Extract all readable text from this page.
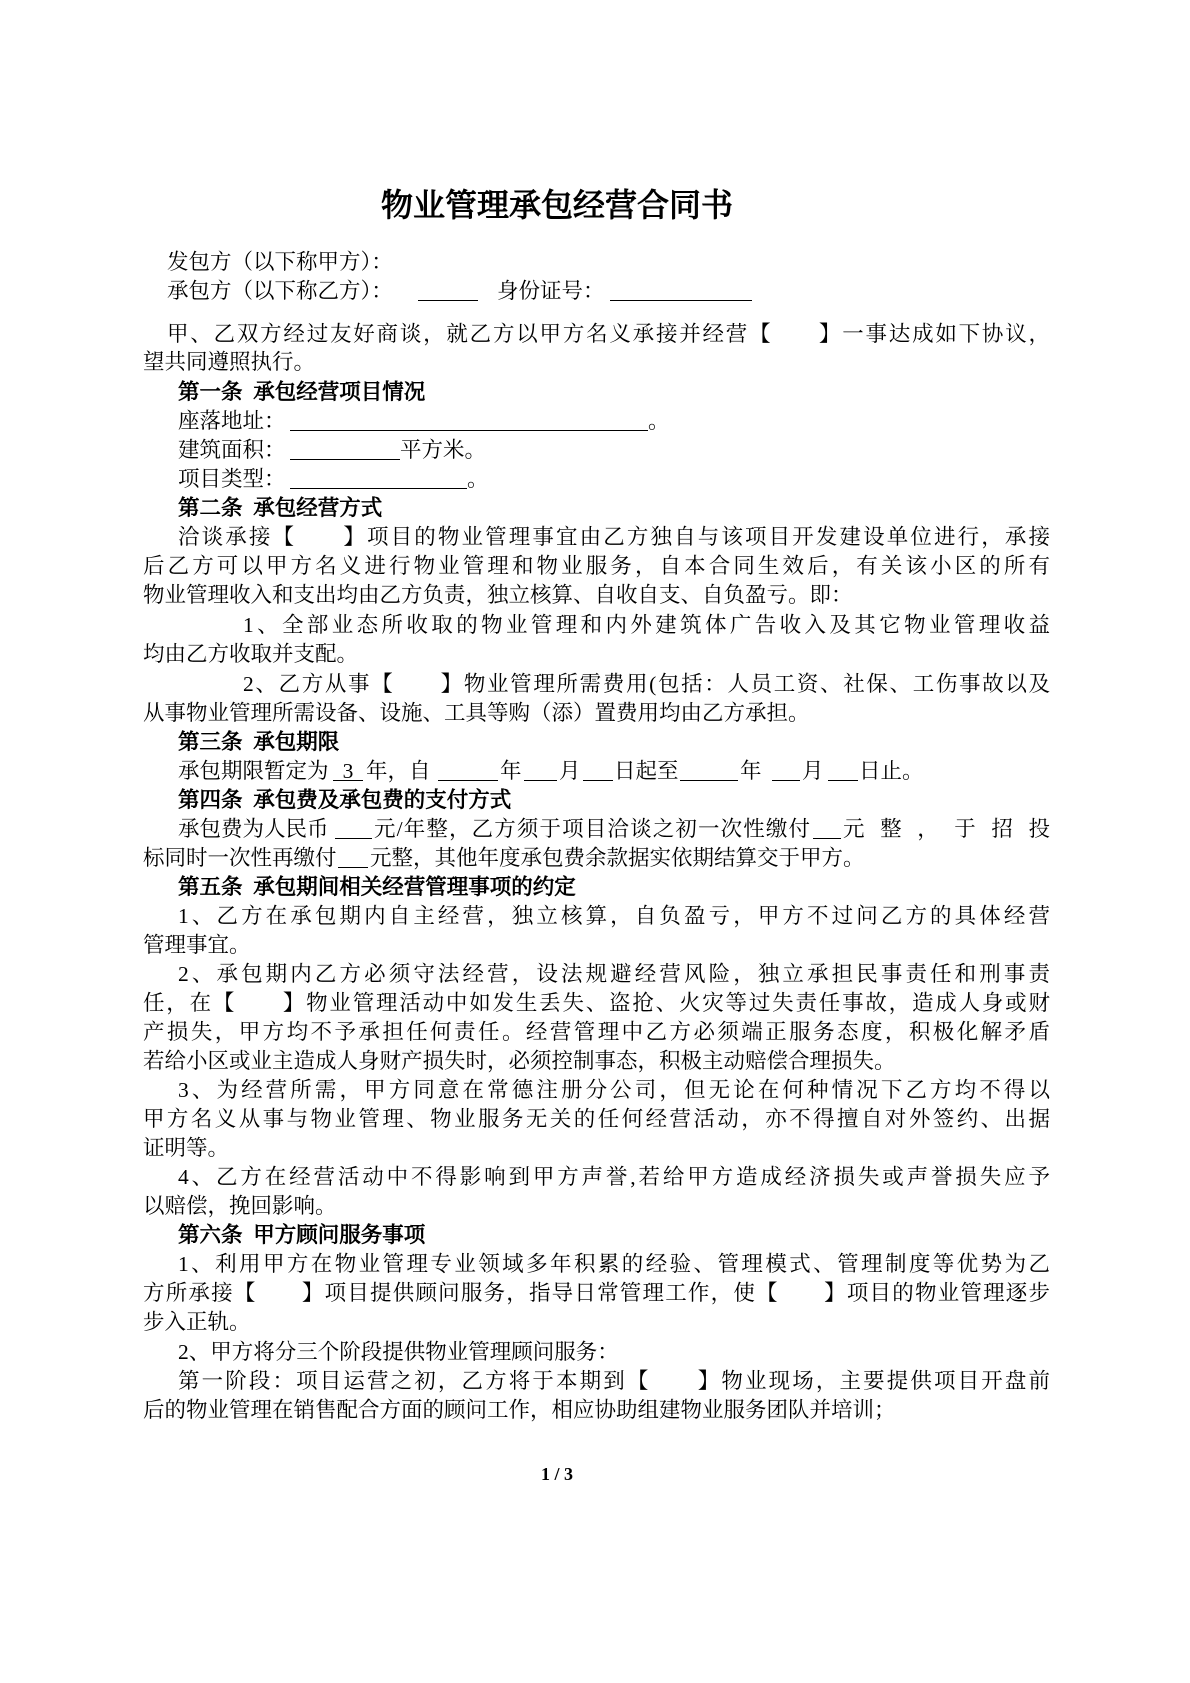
物业管理承包经营合同书
发包方（以下称甲方）：
承包方（以下称乙方）：	身份证号：
甲、乙双方经过友好商谈，就乙方以甲方名义承接并经营【　　】一事达成如下协议，
望共同遵照执行。
第一条  承包经营项目情况
座落地址：	。
建筑面积：	平方米。
项目类型：	。
第二条  承包经营方式
洽谈承接【　　】项目的物业管理事宜由乙方独自与该项目开发建设单位进行，承接
后乙方可以甲方名义进行物业管理和物业服务，自本合同生效后，有关该小区的所有
物业管理收入和支出均由乙方负责，独立核算、自收自支、自负盈亏。即：
1、全部业态所收取的物业管理和内外建筑体广告收入及其它物业管理收益
均由乙方收取并支配。
2、乙方从事【　　】物业管理所需费用(包括：人员工资、社保、工伤事故以及
从事物业管理所需设备、设施、工具等购（添）置费用均由乙方承担。
第三条  承包期限
承包期限暂定为 3 年，自	年 月 日起至	年 月 日止。
第四条  承包费及承包费的支付方式
承包费为人民币 元/年整，乙方须于项目洽谈之初一次性缴付 元整，于招投
标同时一次性再缴付 元整，其他年度承包费余款据实依期结算交于甲方。
第五条  承包期间相关经营管理事项的约定
1、乙方在承包期内自主经营，独立核算，自负盈亏，甲方不过问乙方的具体经营
管理事宜。
2、承包期内乙方必须守法经营，设法规避经营风险，独立承担民事责任和刑事责
任，在【　　】物业管理活动中如发生丢失、盗抢、火灾等过失责任事故，造成人身或财
产损失，甲方均不予承担任何责任。经营管理中乙方必须端正服务态度，积极化解矛盾
若给小区或业主造成人身财产损失时，必须控制事态，积极主动赔偿合理损失。
3、为经营所需，甲方同意在常德注册分公司，但无论在何种情况下乙方均不得以
甲方名义从事与物业管理、物业服务无关的任何经营活动，亦不得擅自对外签约、出据
证明等。
4、乙方在经营活动中不得影响到甲方声誉,若给甲方造成经济损失或声誉损失应予
以赔偿，挽回影响。
第六条  甲方顾问服务事项
1、利用甲方在物业管理专业领域多年积累的经验、管理模式、管理制度等优势为乙
方所承接【　　】项目提供顾问服务，指导日常管理工作，使【　　】项目的物业管理逐步
步入正轨。
2、甲方将分三个阶段提供物业管理顾问服务：
第一阶段：项目运营之初，乙方将于本期到【　　】物业现场，主要提供项目开盘前
后的物业管理在销售配合方面的顾问工作，相应协助组建物业服务团队并培训；
1 / 3
